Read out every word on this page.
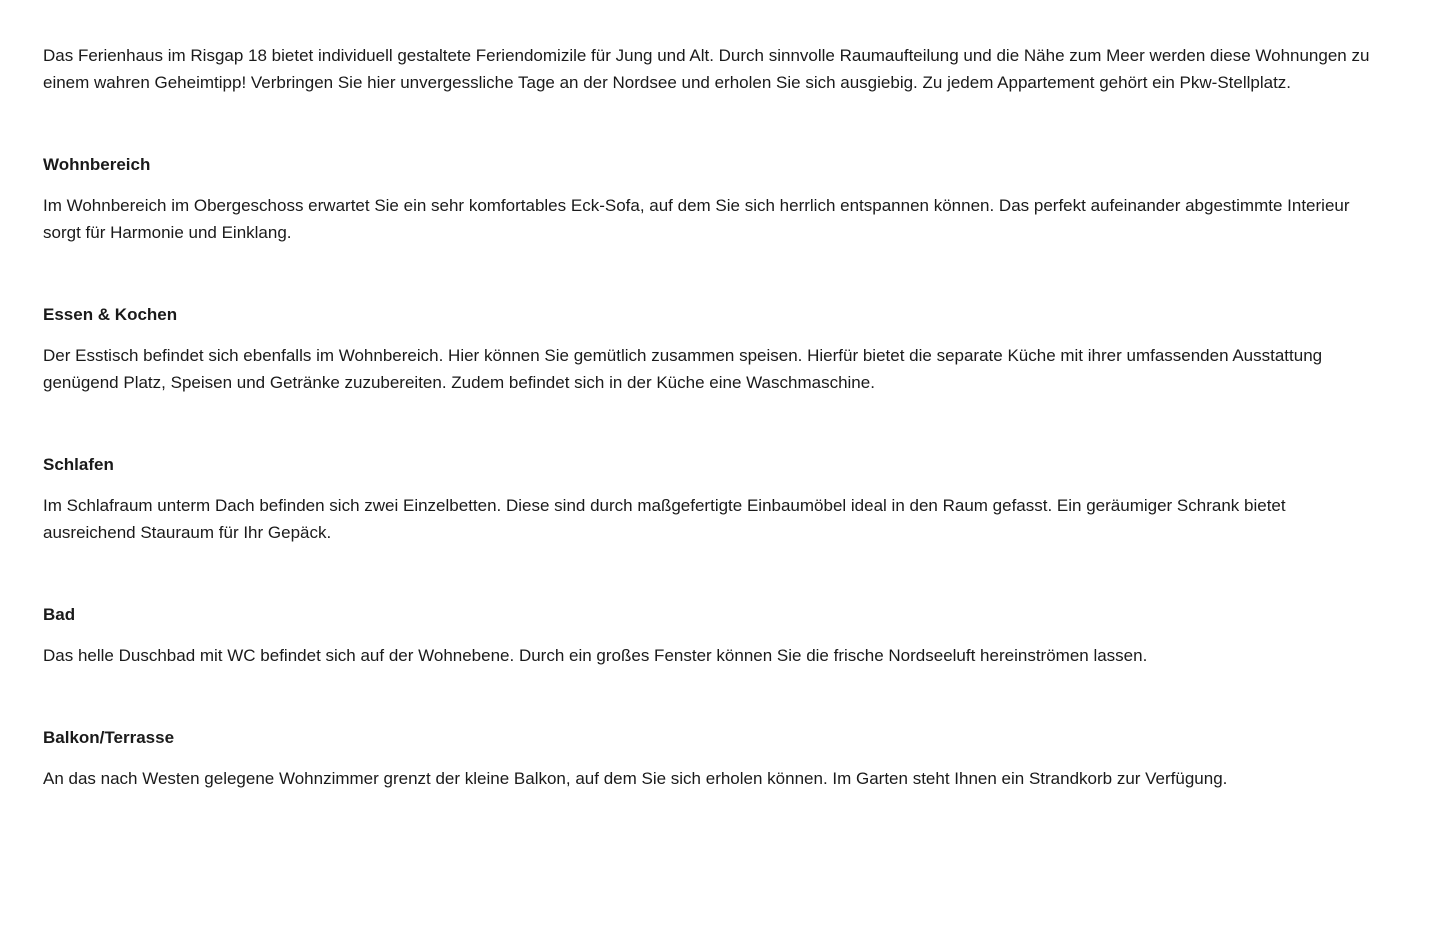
Das Ferienhaus im Risgap 18 bietet individuell gestaltete Feriendomizile für Jung und Alt. Durch sinnvolle Raumaufteilung und die Nähe zum Meer werden diese Wohnungen zu einem wahren Geheimtipp! Verbringen Sie hier unvergessliche Tage an der Nordsee und erholen Sie sich ausgiebig. Zu jedem Appartement gehört ein Pkw-Stellplatz.

Wohnbereich

Im Wohnbereich im Obergeschoss erwartet Sie ein sehr komfortables Eck-Sofa, auf dem Sie sich herrlich entspannen können. Das perfekt aufeinander abgestimmte Interieur sorgt für Harmonie und Einklang.

Essen & Kochen

Der Esstisch befindet sich ebenfalls im Wohnbereich. Hier können Sie gemütlich zusammen speisen. Hierfür bietet die separate Küche mit ihrer umfassenden Ausstattung genügend Platz, Speisen und Getränke zuzubereiten. Zudem befindet sich in der Küche eine Waschmaschine.

Schlafen

Im Schlafraum unterm Dach befinden sich zwei Einzelbetten. Diese sind durch maßgefertigte Einbaumöbel ideal in den Raum gefasst. Ein geräumiger Schrank bietet ausreichend Stauraum für Ihr Gepäck.

Bad

Das helle Duschbad mit WC befindet sich auf der Wohnebene. Durch ein großes Fenster können Sie die frische Nordseeluft hereinströmen lassen.

Balkon/Terrasse

An das nach Westen gelegene Wohnzimmer grenzt der kleine Balkon, auf dem Sie sich erholen können. Im Garten steht Ihnen ein Strandkorb zur Verfügung.
